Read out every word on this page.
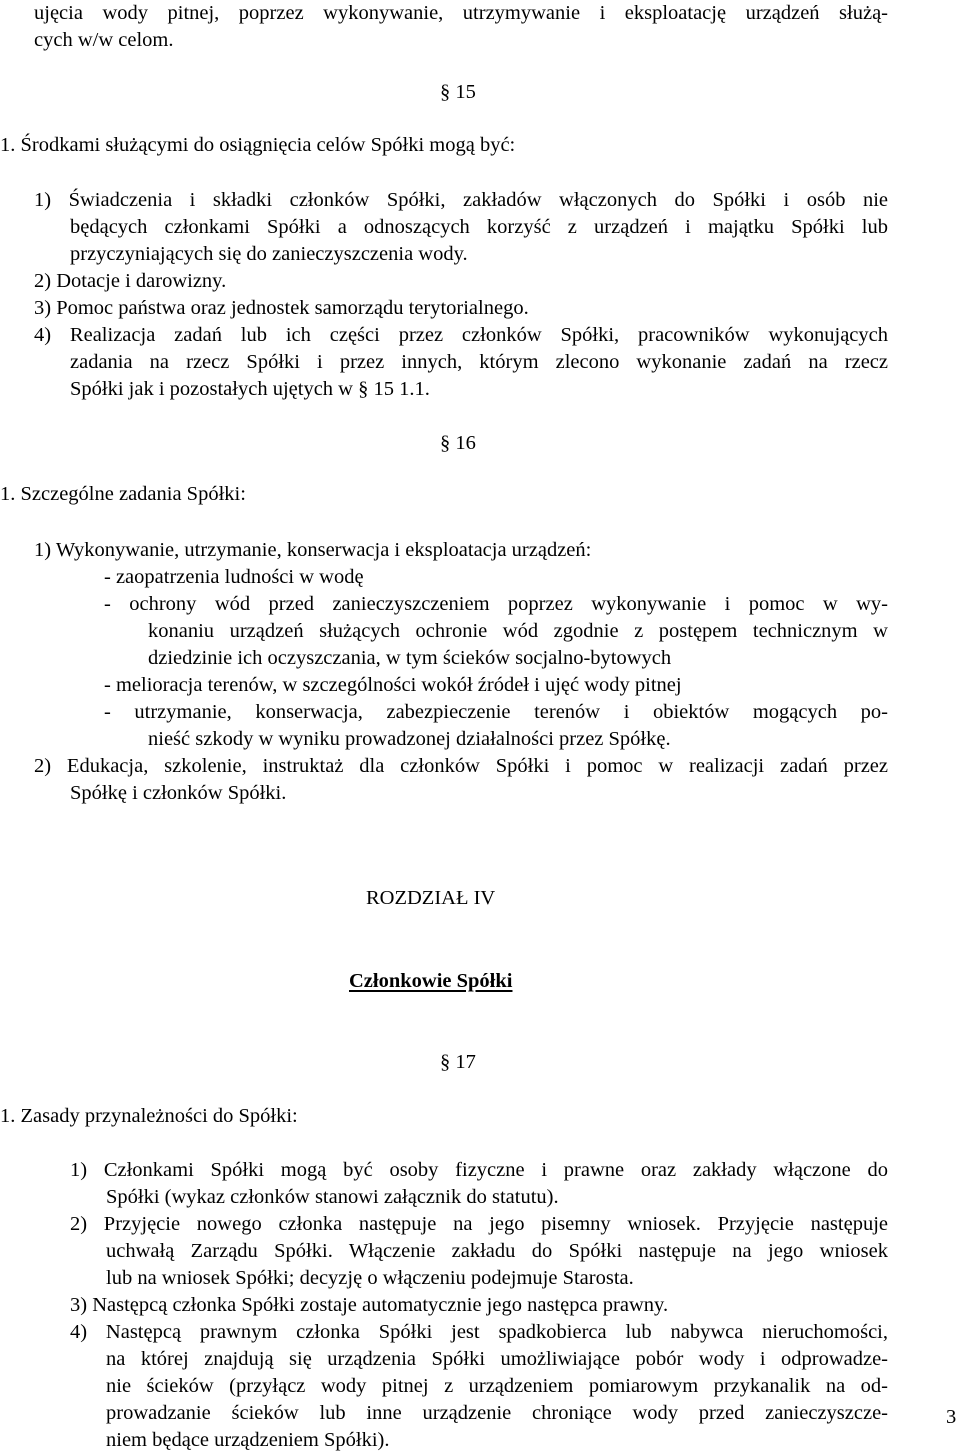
ujęcia wody pitnej, poprzez wykonywanie, utrzymywanie i eksploatację urządzeń służą-
cych w/w celom.
§ 15
1. Środkami służącymi do osiągnięcia celów Spółki mogą być:
1) Świadczenia i składki członków Spółki, zakładów włączonych do Spółki i osób nie
będących członkami Spółki a odnoszących korzyść z urządzeń i majątku Spółki lub
przyczyniających się do zanieczyszczenia wody.
2) Dotacje i darowizny.
3) Pomoc państwa oraz jednostek samorządu terytorialnego.
4) Realizacja zadań lub ich części przez członków Spółki, pracowników wykonujących
zadania na rzecz Spółki i przez innych, którym zlecono wykonanie zadań na rzecz
Spółki jak i pozostałych ujętych w § 15 1.1.
§ 16
1. Szczególne zadania Spółki:
1) Wykonywanie, utrzymanie, konserwacja i eksploatacja urządzeń:
- zaopatrzenia ludności w wodę
- ochrony wód przed zanieczyszczeniem poprzez wykonywanie i pomoc w wy-
konaniu urządzeń służących ochronie wód zgodnie z postępem technicznym w
dziedzinie ich oczyszczania, w tym ścieków socjalno-bytowych
- melioracja terenów, w szczególności wokół źródeł i ujęć wody pitnej
- utrzymanie, konserwacja, zabezpieczenie terenów i obiektów mogących po-
nieść szkody w wyniku prowadzonej działalności przez Spółkę.
2) Edukacja, szkolenie, instruktaż dla członków Spółki i pomoc w realizacji zadań przez
Spółkę i członków Spółki.
ROZDZIAŁ IV
Członkowie Spółki
§ 17
1. Zasady przynależności do Spółki:
1) Członkami Spółki mogą być osoby fizyczne i prawne oraz zakłady włączone do
Spółki (wykaz członków stanowi załącznik do statutu).
2) Przyjęcie nowego członka następuje na jego pisemny wniosek. Przyjęcie następuje
uchwałą Zarządu Spółki. Włączenie zakładu do Spółki następuje na jego wniosek
lub na wniosek Spółki; decyzję o włączeniu podejmuje Starosta.
3) Następcą członka Spółki zostaje automatycznie jego następca prawny.
4) Następcą prawnym członka Spółki jest spadkobierca lub nabywca nieruchomości,
na której znajdują się urządzenia Spółki umożliwiające pobór wody i odprowadze-
nie ścieków (przyłącz wody pitnej z urządzeniem pomiarowym przykanalik na od-
prowadzanie ścieków lub inne urządzenie chroniące wody przed zanieczyszcze-
niem będące urządzeniem Spółki).
3
